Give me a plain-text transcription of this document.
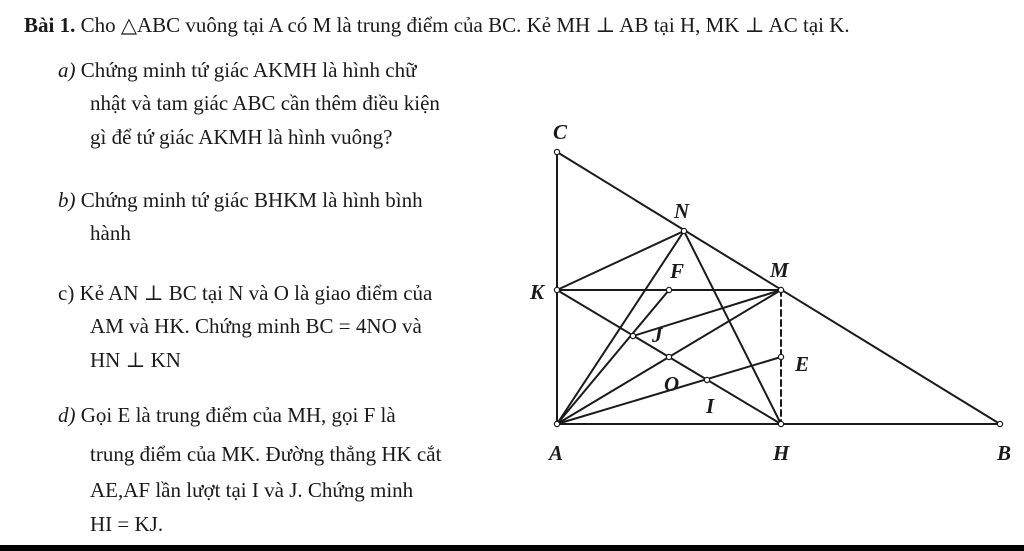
Bài 1. Cho △ABC vuông tại A có M là trung điểm của BC. Kẻ MH ⊥ AB tại H, MK ⊥ AC tại K.
a) Chứng minh tứ giác AKMH là hình chữ
nhật và tam giác ABC cần thêm điều kiện
gì để tứ giác AKMH là hình vuông?
b) Chứng minh tứ giác BHKM là hình bình
hành
c) Kẻ AN ⊥ BC tại N và O là giao điểm của
AM và HK. Chứng minh BC = 4NO và
HN ⊥ KN
d) Gọi E là trung điểm của MH, gọi F là
trung điểm của MK. Đường thẳng HK cắt
AE,AF lần lượt tại I và J. Chứng minh
HI = KJ.
C
N
F	M
K
J
E
O
I
A	H	B
